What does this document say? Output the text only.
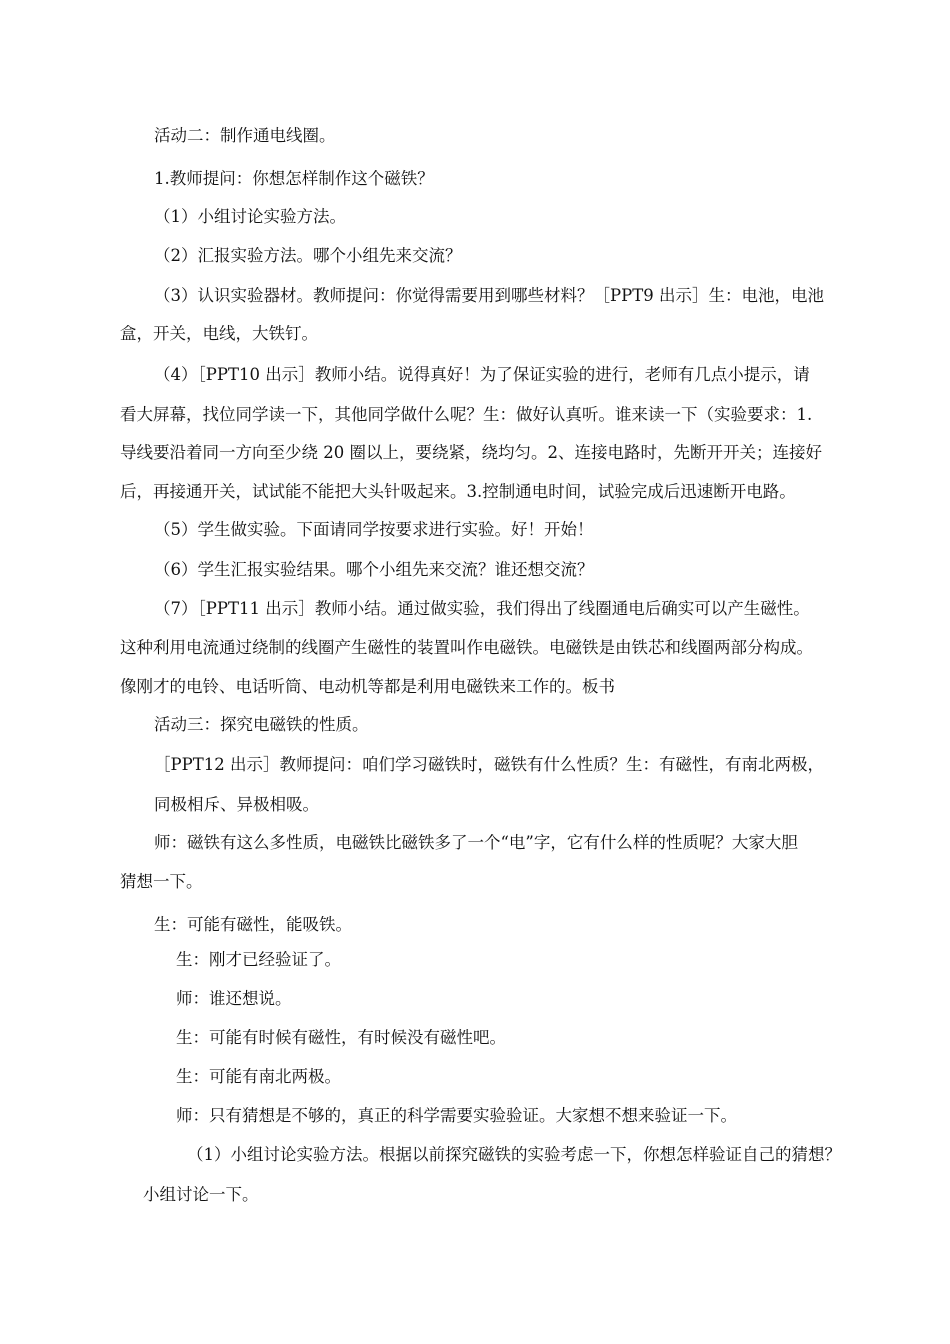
活动二：制作通电线圈。
1.教师提问：你想怎样制作这个磁铁？
（1）小组讨论实验方法。
（2）汇报实验方法。哪个小组先来交流？
（3）认识实验器材。教师提问：你觉得需要用到哪些材料？［PPT9 出示］生：电池，电池
盒，开关，电线，大铁钉。
（4）［PPT10 出示］教师小结。说得真好！为了保证实验的进行，老师有几点小提示，请
看大屏幕，找位同学读一下，其他同学做什么呢？生：做好认真听。谁来读一下（实验要求：1.
导线要沿着同一方向至少绕 20 圈以上，要绕紧，绕均匀。2、连接电路时，先断开开关；连接好
后，再接通开关，试试能不能把大头针吸起来。3.控制通电时间，试验完成后迅速断开电路。
（5）学生做实验。下面请同学按要求进行实验。好！开始！
（6）学生汇报实验结果。哪个小组先来交流？谁还想交流？
（7）［PPT11 出示］教师小结。通过做实验，我们得出了线圈通电后确实可以产生磁性。
这种利用电流通过绕制的线圈产生磁性的装置叫作电磁铁。电磁铁是由铁芯和线圈两部分构成。
像刚才的电铃、电话听筒、电动机等都是利用电磁铁来工作的。板书
活动三：探究电磁铁的性质。
［PPT12 出示］教师提问：咱们学习磁铁时，磁铁有什么性质？生：有磁性，有南北两极，
同极相斥、异极相吸。
师：磁铁有这么多性质，电磁铁比磁铁多了一个“电”字，它有什么样的性质呢？大家大胆
猜想一下。
生：可能有磁性，能吸铁。
生：刚才已经验证了。
师：谁还想说。
生：可能有时候有磁性，有时候没有磁性吧。
生：可能有南北两极。
师：只有猜想是不够的，真正的科学需要实验验证。大家想不想来验证一下。
（1）小组讨论实验方法。根据以前探究磁铁的实验考虑一下，你想怎样验证自己的猜想？
小组讨论一下。
